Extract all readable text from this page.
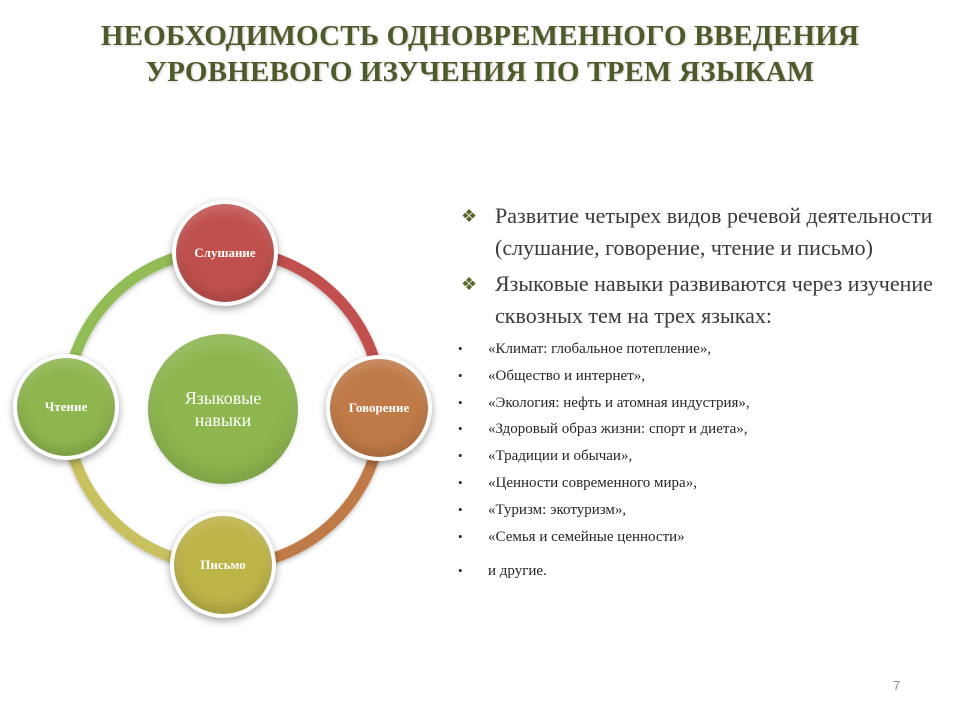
НЕОБХОДИМОСТЬ ОДНОВРЕМЕННОГО ВВЕДЕНИЯ
УРОВНЕВОГО ИЗУЧЕНИЯ ПО ТРЕМ ЯЗЫКАМ
Языковые
навыки
Слушание
Говорение
Письмо
Чтение
❖ Развитие четырех видов речевой деятельности (слушание, говорение, чтение и письмо)
❖ Языковые навыки развиваются через изучение сквозных тем на трех языках:
• «Климат: глобальное потепление»,
• «Общество и интернет»,
• «Экология: нефть и атомная индустрия»,
• «Здоровый образ жизни: спорт и диета»,
• «Традиции и обычаи»,
• «Ценности современного мира»,
• «Туризм: экотуризм»,
• «Семья и семейные ценности»
• и другие.
7
